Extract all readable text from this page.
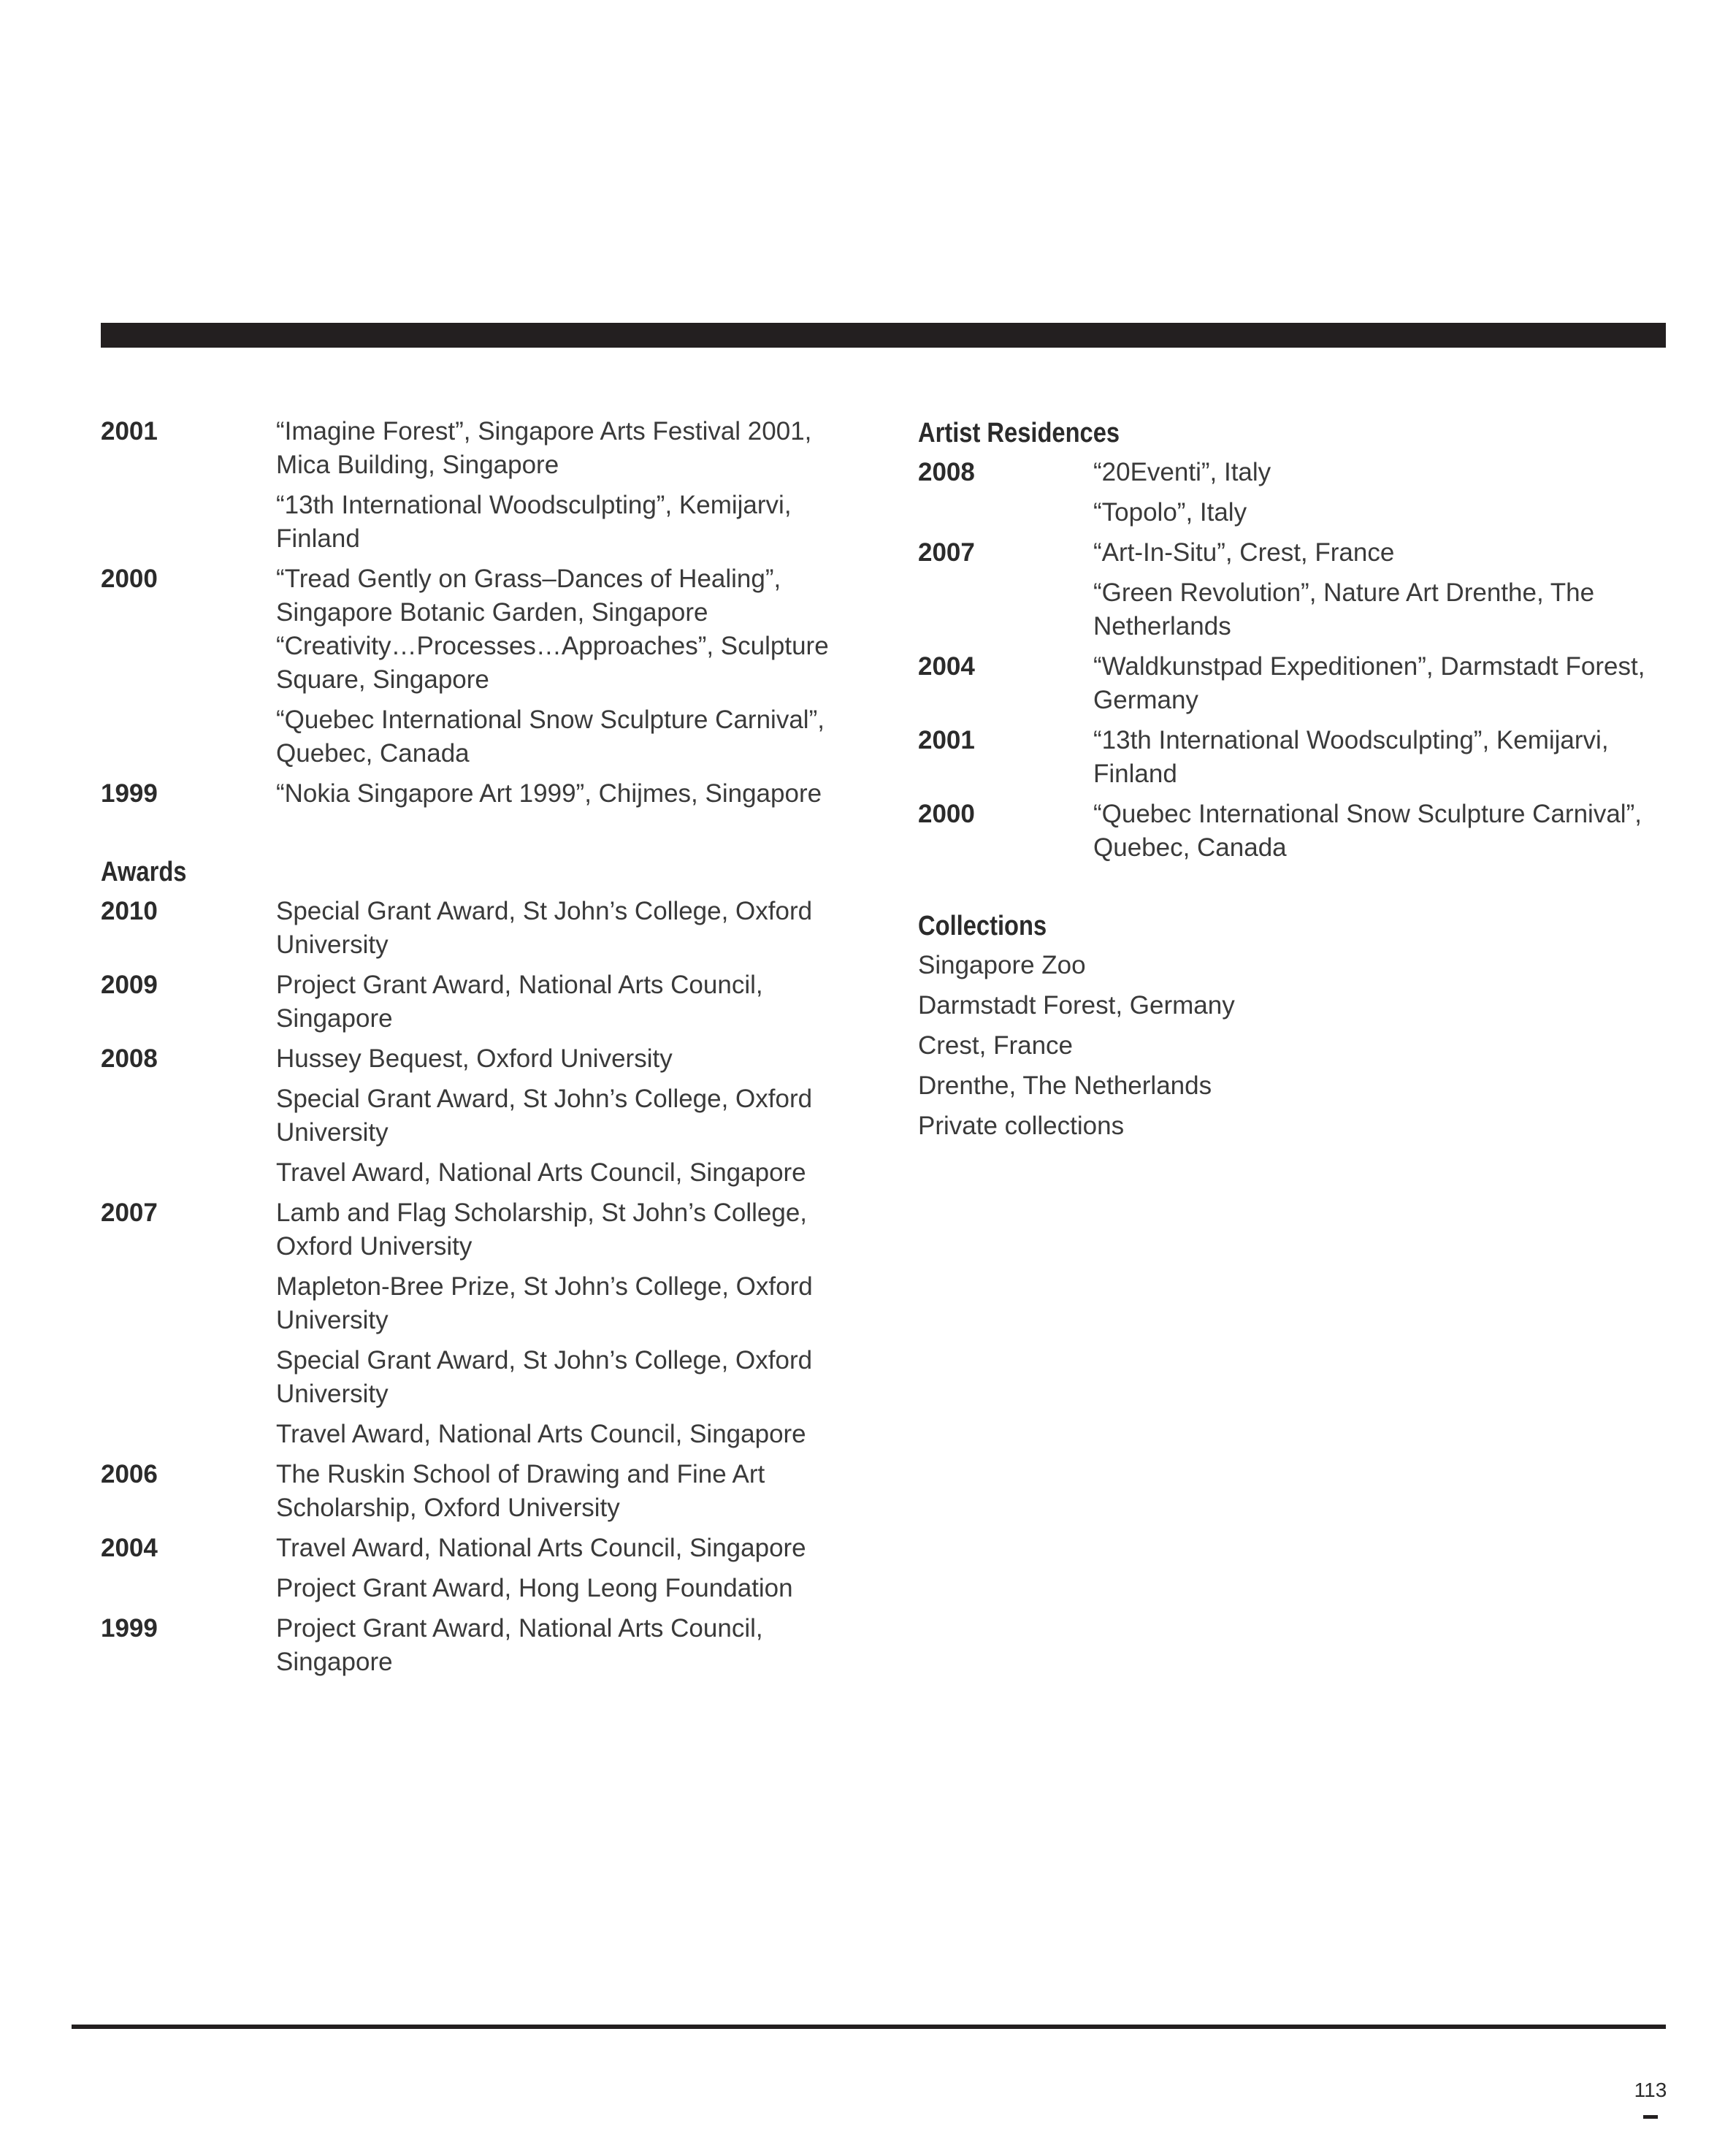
2001	“Imagine Forest”, Singapore Arts Festival 2001, Mica Building, Singapore
“13th International Woodsculpting”, Kemijarvi, Finland
2000	“Tread Gently on Grass–Dances of Healing”, Singapore Botanic Garden, Singapore
“Creativity…Processes…Approaches”, Sculpture Square, Singapore
“Quebec International Snow Sculpture Carnival”, Quebec, Canada
1999	“Nokia Singapore Art 1999”, Chijmes, Singapore
Awards
2010	Special Grant Award, St John’s College, Oxford University
2009	Project Grant Award, National Arts Council, Singapore
2008	Hussey Bequest, Oxford University
Special Grant Award, St John’s College, Oxford University
Travel Award, National Arts Council, Singapore
2007	Lamb and Flag Scholarship, St John’s College, Oxford University
Mapleton-Bree Prize, St John’s College, Oxford University
Special Grant Award, St John’s College, Oxford University
Travel Award, National Arts Council, Singapore
2006	The Ruskin School of Drawing and Fine Art Scholarship, Oxford University
2004	Travel Award, National Arts Council, Singapore
Project Grant Award, Hong Leong Foundation
1999	Project Grant Award, National Arts Council, Singapore
Artist Residences
2008	“20Eventi”, Italy
“Topolo”, Italy
2007	“Art-In-Situ”, Crest, France
“Green Revolution”, Nature Art Drenthe, The Netherlands
2004	“Waldkunstpad Expeditionen”, Darmstadt Forest, Germany
2001	“13th International Woodsculpting”, Kemijarvi, Finland
2000	“Quebec International Snow Sculpture Carnival”, Quebec, Canada
Collections
Singapore Zoo
Darmstadt Forest, Germany
Crest, France
Drenthe, The Netherlands
Private collections
113
